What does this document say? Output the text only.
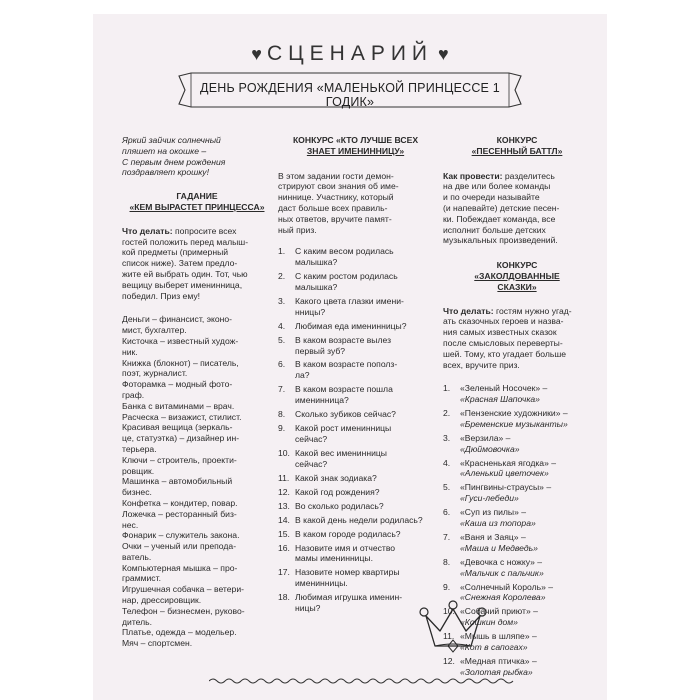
♥ СЦЕНАРИЙ ♥
ДЕНЬ РОЖДЕНИЯ «МАЛЕНЬКОЙ ПРИНЦЕССЕ 1 ГОДИК»

Яркий зайчик солнечный

пляшет на окошке –

С первым днем рождения

поздравляет крошку!

ГАДАНИЕ

«КЕМ ВЫРАСТЕТ ПРИНЦЕССА»

Что делать: попросите всех

гостей положить перед малыш-

кой предметы (примерный

список ниже). Затем предло-

жите ей выбрать один. Тот, чью

вещицу выберет именинница,

победил. Приз ему!

Деньги – финансист, эконо-

мист, бухгалтер.

Кисточка – известный худож-

ник.

Книжка (блокнот) – писатель,

поэт, журналист.

Фоторамка – модный фото-

граф.

Банка с витаминами – врач.

Расческа – визажист, стилист.

Красивая вещица (зеркаль-

це, статуэтка) – дизайнер ин-

терьера.

Ключи – строитель, проекти-

ровщик.

Машинка – автомобильный

бизнес.

Конфетка – кондитер, повар.

Ложечка – ресторанный биз-

нес.

Фонарик – служитель закона.

Очки – ученый или препода-

ватель.

Компьютерная мышка – про-

граммист.

Игрушечная собачка – ветери-

нар, дрессировщик.

Телефон – бизнесмен, руково-

дитель.

Платье, одежда – модельер.

Мяч – спортсмен.

КОНКУРС «КТО ЛУЧШЕ ВСЕХ

ЗНАЕТ ИМЕНИННИЦУ»

В этом задании гости демон-

стрируют свои знания об име-

ниннице. Участнику, который

даст больше всех правиль-

ных ответов, вручите памят-

ный приз.

1.	С каким весом родилась
малышка?
2.	С каким ростом родилась
малышка?
3.	Какого цвета глазки имени-
нницы?
4.	Любимая еда именинницы?
5.	В каком возрасте вылез
первый зуб?
6.	В каком возрасте пополз-
ла?
7.	В каком возрасте пошла
именинница?
8.	Сколько зубиков сейчас?
9.	Какой рост именинницы
сейчас?
10. Какой вес именинницы
сейчас?
11. Какой знак зодиака?
12. Какой год рождения?
13. Во сколько родилась?
14. В какой день недели родилась?
15. В каком городе родилась?
16. Назовите имя и отчество
мамы именинницы.
17. Назовите номер квартиры
именинницы.
18. Любимая игрушка именин-
ницы?

КОНКУРС

«ПЕСЕННЫЙ БАТТЛ»

Как провести: разделитесь

на две или более команды

и по очереди называйте

(и напевайте) детские песен-

ки. Побеждает команда, все

исполнит больше детских

музыкальных произведений.

КОНКУРС

«ЗАКОЛДОВАННЫЕ

СКАЗКИ»

Что делать: гостям нужно угад-

ать сказочных героев и назва-

ния самых известных сказок

после смысловых переверты-

шей. Тому, кто угадает больше

всех, вручите приз.

1.	«Зеленый Носочек» –
«Красная Шапочка»
2.	«Пензенские художники» –
«Бременские музыканты»
3.	«Верзила» –
«Дюймовочка»
4.	«Красненькая ягодка» –
«Аленький цветочек»
5.	«Пингвины-страусы» –
«Гуси-лебеди»
6.	«Суп из пилы» –
«Каша из топора»
7.	«Ваня и Заяц» –
«Маша и Медведь»
8.	«Девочка с ножку» –
«Мальчик с пальчик»
9.	«Солнечный Король» –
«Снежная Королева»
10. «Собачий приют» –
«Кошкин дом»
11. «Мышь в шляпе» –
«Кот в сапогах»
12. «Медная птичка» –
«Золотая рыбка»
